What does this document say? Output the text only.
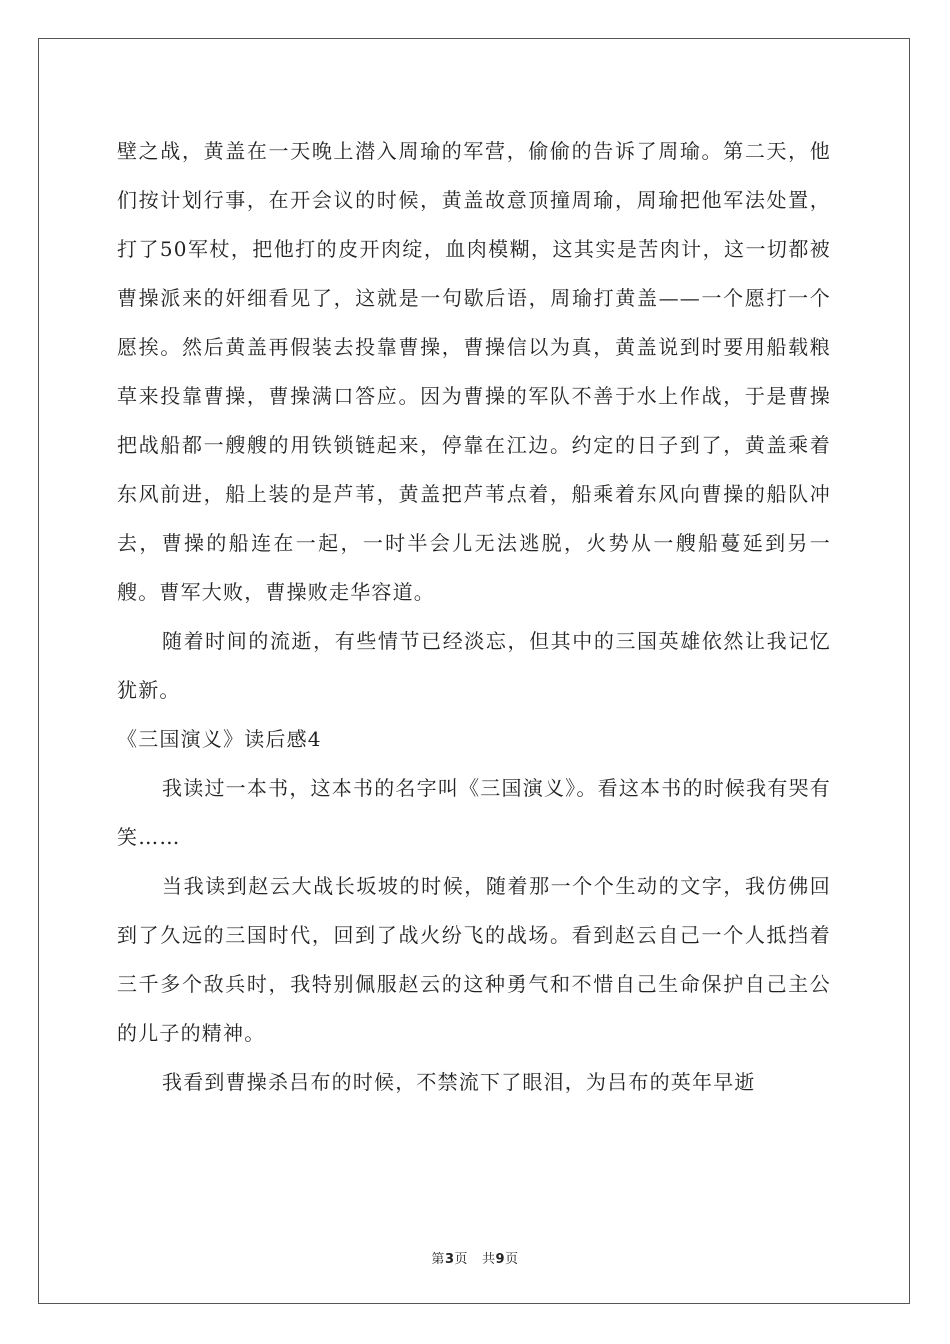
壁之战，黄盖在一天晚上潜入周瑜的军营，偷偷的告诉了周瑜。第二天，他们按计划行事，在开会议的时候，黄盖故意顶撞周瑜，周瑜把他军法处置，打了50军杖，把他打的皮开肉绽，血肉模糊，这其实是苦肉计，这一切都被曹操派来的奸细看见了，这就是一句歇后语，周瑜打黄盖——一个愿打一个愿挨。然后黄盖再假装去投靠曹操，曹操信以为真，黄盖说到时要用船载粮草来投靠曹操，曹操满口答应。因为曹操的军队不善于水上作战，于是曹操把战船都一艘艘的用铁锁链起来，停靠在江边。约定的日子到了，黄盖乘着东风前进，船上装的是芦苇，黄盖把芦苇点着，船乘着东风向曹操的船队冲去，曹操的船连在一起，一时半会儿无法逃脱，火势从一艘船蔓延到另一艘。曹军大败，曹操败走华容道。

随着时间的流逝，有些情节已经淡忘，但其中的三国英雄依然让我记忆犹新。

《三国演义》读后感4

我读过一本书，这本书的名字叫《三国演义》。看这本书的时候我有哭有笑……

当我读到赵云大战长坂坡的时候，随着那一个个生动的文字，我仿佛回到了久远的三国时代，回到了战火纷飞的战场。看到赵云自己一个人抵挡着三千多个敌兵时，我特别佩服赵云的这种勇气和不惜自己生命保护自己主公的儿子的精神。

我看到曹操杀吕布的时候，不禁流下了眼泪，为吕布的英年早逝

第3页 共9页
